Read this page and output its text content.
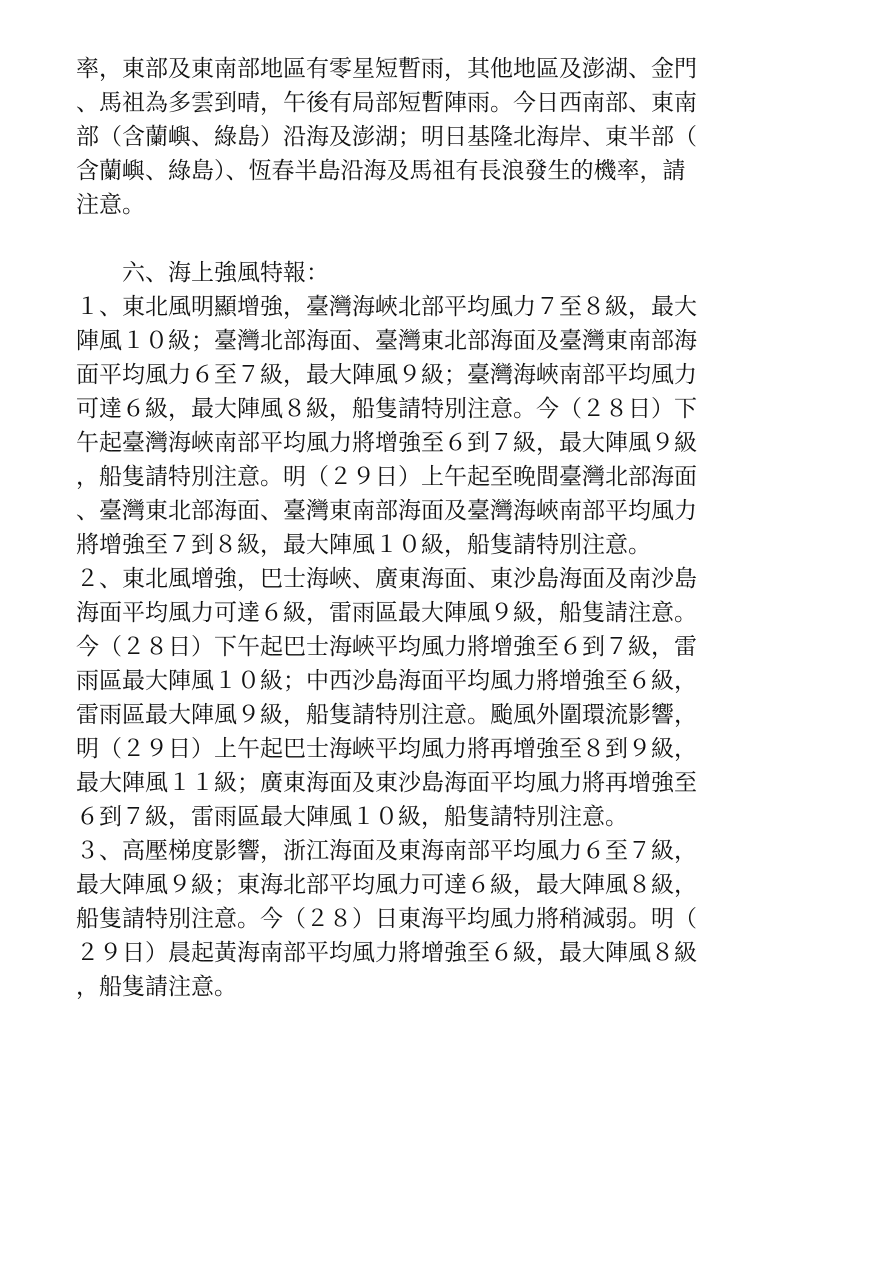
率，東部及東南部地區有零星短暫雨，其他地區及澎湖、金門
、馬祖為多雲到晴，午後有局部短暫陣雨。今日西南部、東南
部（含蘭嶼、綠島）沿海及澎湖；明日基隆北海岸、東半部（
含蘭嶼、綠島）、恆春半島沿海及馬祖有長浪發生的機率，請
注意。
　　六、海上強風特報：
１、東北風明顯增強，臺灣海峽北部平均風力７至８級，最大
陣風１０級；臺灣北部海面、臺灣東北部海面及臺灣東南部海
面平均風力６至７級，最大陣風９級；臺灣海峽南部平均風力
可達６級，最大陣風８級，船隻請特別注意。今（２８日）下
午起臺灣海峽南部平均風力將增強至６到７級，最大陣風９級
，船隻請特別注意。明（２９日）上午起至晚間臺灣北部海面
、臺灣東北部海面、臺灣東南部海面及臺灣海峽南部平均風力
將增強至７到８級，最大陣風１０級，船隻請特別注意。
２、東北風增強，巴士海峽、廣東海面、東沙島海面及南沙島
海面平均風力可達６級，雷雨區最大陣風９級，船隻請注意。
今（２８日）下午起巴士海峽平均風力將增強至６到７級，雷
雨區最大陣風１０級；中西沙島海面平均風力將增強至６級，
雷雨區最大陣風９級，船隻請特別注意。颱風外圍環流影響，
明（２９日）上午起巴士海峽平均風力將再增強至８到９級，
最大陣風１１級；廣東海面及東沙島海面平均風力將再增強至
６到７級，雷雨區最大陣風１０級，船隻請特別注意。
３、高壓梯度影響，浙江海面及東海南部平均風力６至７級，
最大陣風９級；東海北部平均風力可達６級，最大陣風８級，
船隻請特別注意。今（２８）日東海平均風力將稍減弱。明（
２９日）晨起黃海南部平均風力將增強至６級，最大陣風８級
，船隻請注意。
